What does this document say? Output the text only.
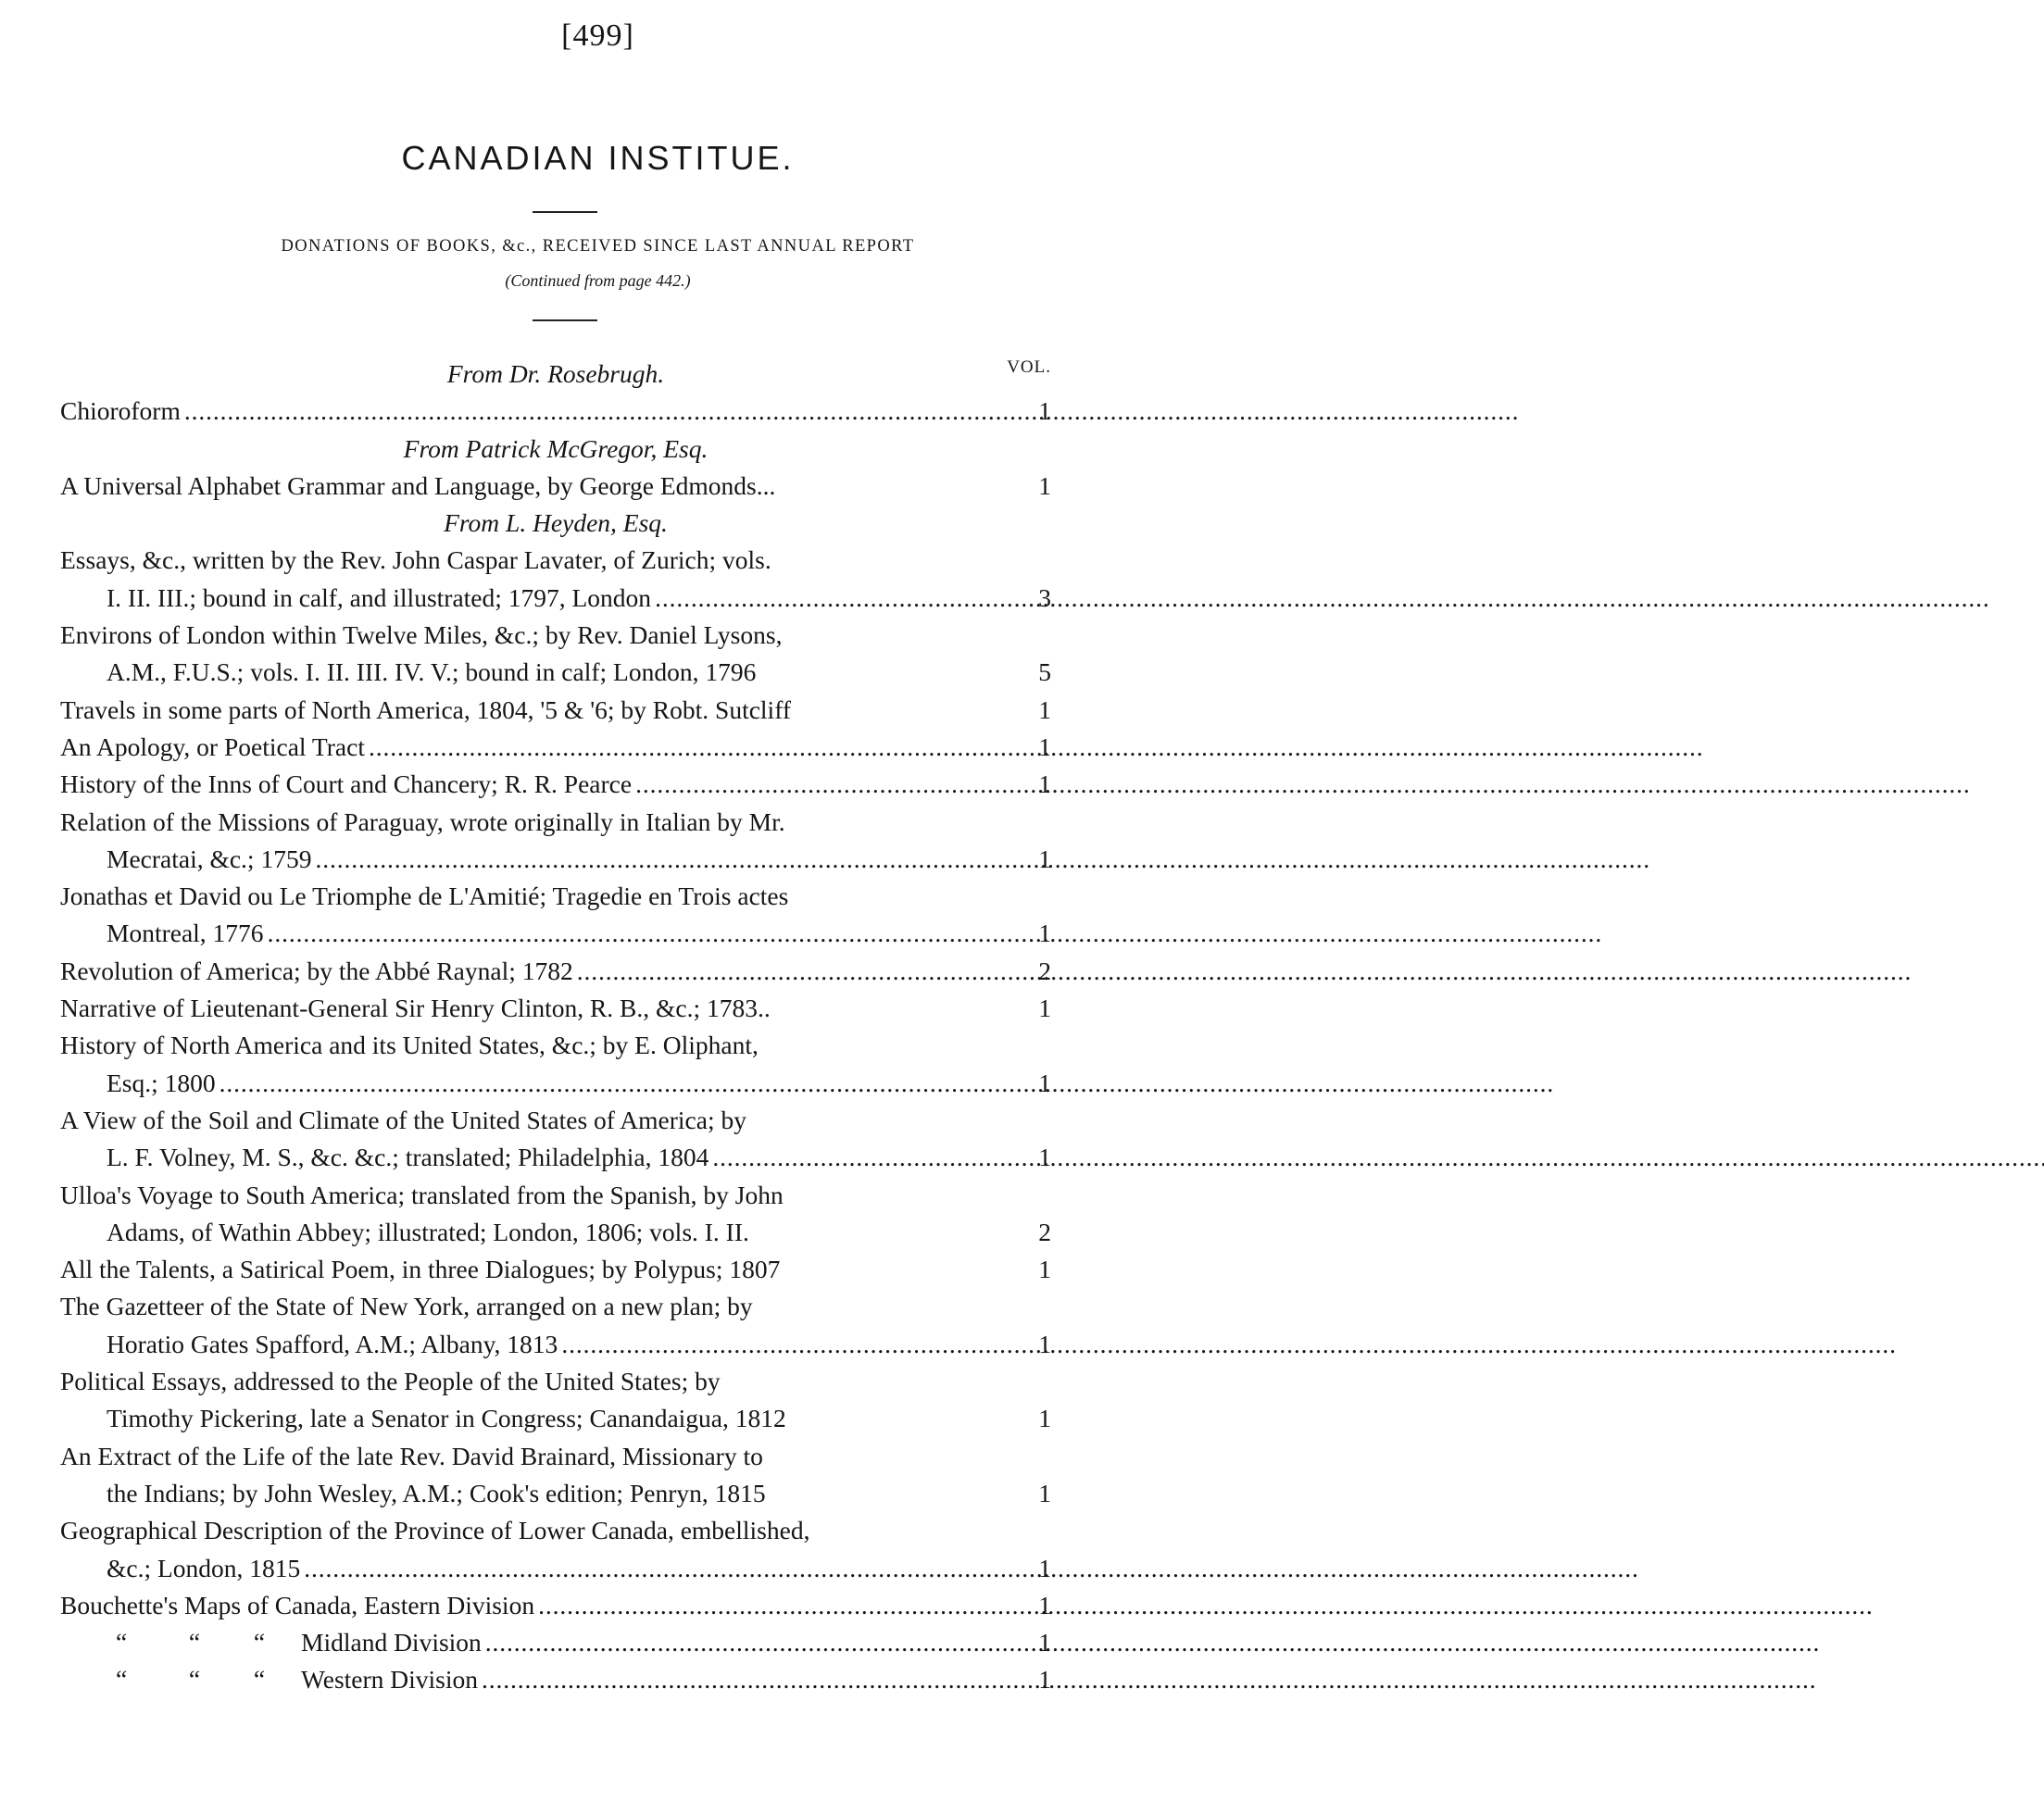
[499]
CANADIAN INSTITUE.
DONATIONS OF BOOKS, &c., RECEIVED SINCE LAST ANNUAL REPORT
(Continued from page 442.)
VOL.
From Dr. Rosebrugh.
Chioroform . . .	1
From Patrick McGregor, Esq.
A Universal Alphabet Grammar and Language, by George Edmonds...	1
From L. Heyden, Esq.
Essays, &c., written by the Rev. John Caspar Lavater, of Zurich; vols.
I. II. III.; bound in calf, and illustrated; 1797, London . . .	3
Environs of London within Twelve Miles, &c.; by Rev. Daniel Lysons,
A.M., F.U.S.; vols. I. II. III. IV. V.; bound in calf; London, 1796	5
Travels in some parts of North America, 1804, '5 & '6; by Robt. Sutcliff	1
An Apology, or Poetical Tract . . .	1
History of the Inns of Court and Chancery; R. R. Pearce . . .	1
Relation of the Missions of Paraguay, wrote originally in Italian by Mr.
Mecratai, &c.; 1759 . . .	1
Jonathas et David ou Le Triomphe de L'Amitié; Tragedie en Trois actes
Montreal, 1776 . . .	1
Revolution of America; by the Abbé Raynal; 1782 . . .	2
Narrative of Lieutenant-General Sir Henry Clinton, R. B., &c.; 1783..	1
History of North America and its United States, &c.; by E. Oliphant,
Esq.; 1800 . . .	1
A View of the Soil and Climate of the United States of America; by
L. F. Volney, M. S., &c. &c.; translated; Philadelphia, 1804 . . .	1
Ulloa's Voyage to South America; translated from the Spanish, by John
Adams, of Wathin Abbey; illustrated; London, 1806; vols. I. II.	2
All the Talents, a Satirical Poem, in three Dialogues; by Polypus; 1807	1
The Gazetteer of the State of New York, arranged on a new plan; by
Horatio Gates Spafford, A.M.; Albany, 1813 . . .	1
Political Essays, addressed to the People of the United States; by
Timothy Pickering, late a Senator in Congress; Canandaigua, 1812	1
An Extract of the Life of the late Rev. David Brainard, Missionary to
the Indians; by John Wesley, A.M.; Cook's edition; Penryn, 1815	1
Geographical Description of the Province of Lower Canada, embellished,
&c.; London, 1815 . . .	1
Bouchette's Maps of Canada, Eastern Division . . .	1
“ “ “ Midland Division . . .	1
“ “ “ Western Division . . .	1
